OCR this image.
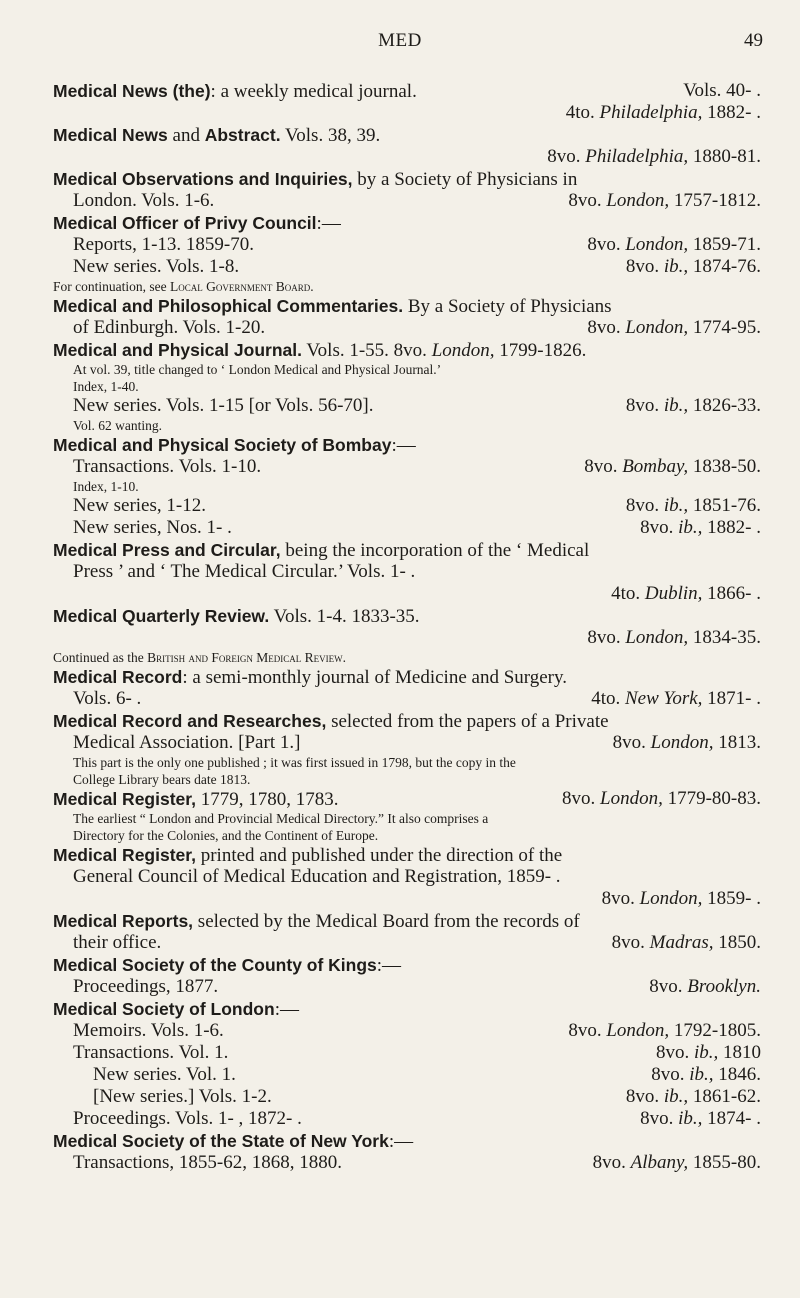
MED	49
Medical News (the): a weekly medical journal.	Vols. 40- .
4to. Philadelphia, 1882- .
Medical News and Abstract. Vols. 38, 39.
8vo. Philadelphia, 1880-81.
Medical Observations and Inquiries, by a Society of Physicians in
London. Vols. 1-6.	8vo. London, 1757-1812.
Medical Officer of Privy Council:—
Reports, 1-13. 1859-70.	8vo. London, 1859-71.
New series. Vols. 1-8.	8vo. ib., 1874-76.
For continuation, see Local Government Board.
Medical and Philosophical Commentaries. By a Society of Physicians
of Edinburgh. Vols. 1-20.	8vo. London, 1774-95.
Medical and Physical Journal. Vols. 1-55. 8vo. London, 1799-1826.
At vol. 39, title changed to ‘ London Medical and Physical Journal.’
Index, 1-40.
New series. Vols. 1-15 [or Vols. 56-70].	8vo. ib., 1826-33.
Vol. 62 wanting.
Medical and Physical Society of Bombay:—
Transactions. Vols. 1-10.	8vo. Bombay, 1838-50.
Index, 1-10.
New series, 1-12.	8vo. ib., 1851-76.
New series, Nos. 1- .	8vo. ib., 1882- .
Medical Press and Circular, being the incorporation of the ‘ Medical
Press ’ and ‘ The Medical Circular.’ Vols. 1- .
4to. Dublin, 1866- .
Medical Quarterly Review. Vols. 1-4. 1833-35.
8vo. London, 1834-35.
Continued as the British and Foreign Medical Review.
Medical Record: a semi-monthly journal of Medicine and Surgery.
Vols. 6- .	4to. New York, 1871- .
Medical Record and Researches, selected from the papers of a Private
Medical Association. [Part 1.]	8vo. London, 1813.
This part is the only one published ; it was first issued in 1798, but the copy in the
College Library bears date 1813.
Medical Register, 1779, 1780, 1783.	8vo. London, 1779-80-83.
The earliest “ London and Provincial Medical Directory.” It also comprises a
Directory for the Colonies, and the Continent of Europe.
Medical Register, printed and published under the direction of the
General Council of Medical Education and Registration, 1859- .
8vo. London, 1859- .
Medical Reports, selected by the Medical Board from the records of
their office.	8vo. Madras, 1850.
Medical Society of the County of Kings:—
Proceedings, 1877.	8vo. Brooklyn.
Medical Society of London:—
Memoirs. Vols. 1-6.	8vo. London, 1792-1805.
Transactions. Vol. 1.	8vo. ib., 1810
New series. Vol. 1.	8vo. ib., 1846.
[New series.] Vols. 1-2.	8vo. ib., 1861-62.
Proceedings. Vols. 1- , 1872- .	8vo. ib., 1874- .
Medical Society of the State of New York:—
Transactions, 1855-62, 1868, 1880.	8vo. Albany, 1855-80.
